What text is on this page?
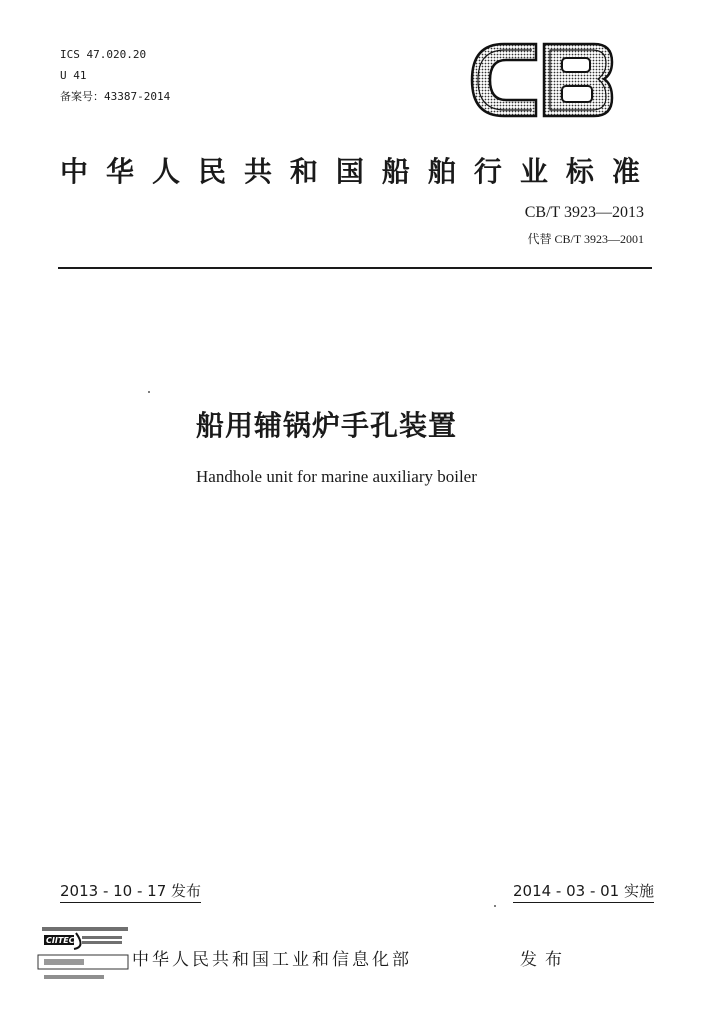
ICS 47.020.20
U 41
备案号：43387-2014
中 华 人 民 共 和 国 船 舶 行 业 标 准
CB/T 3923—2013
代替 CB/T 3923—2001
船用辅锅炉手孔装置
Handhole unit for marine auxiliary boiler
2013 - 10 - 17 发布	2014 - 03 - 01 实施
CIITEC
中华人民共和国工业和信息化部	发布
